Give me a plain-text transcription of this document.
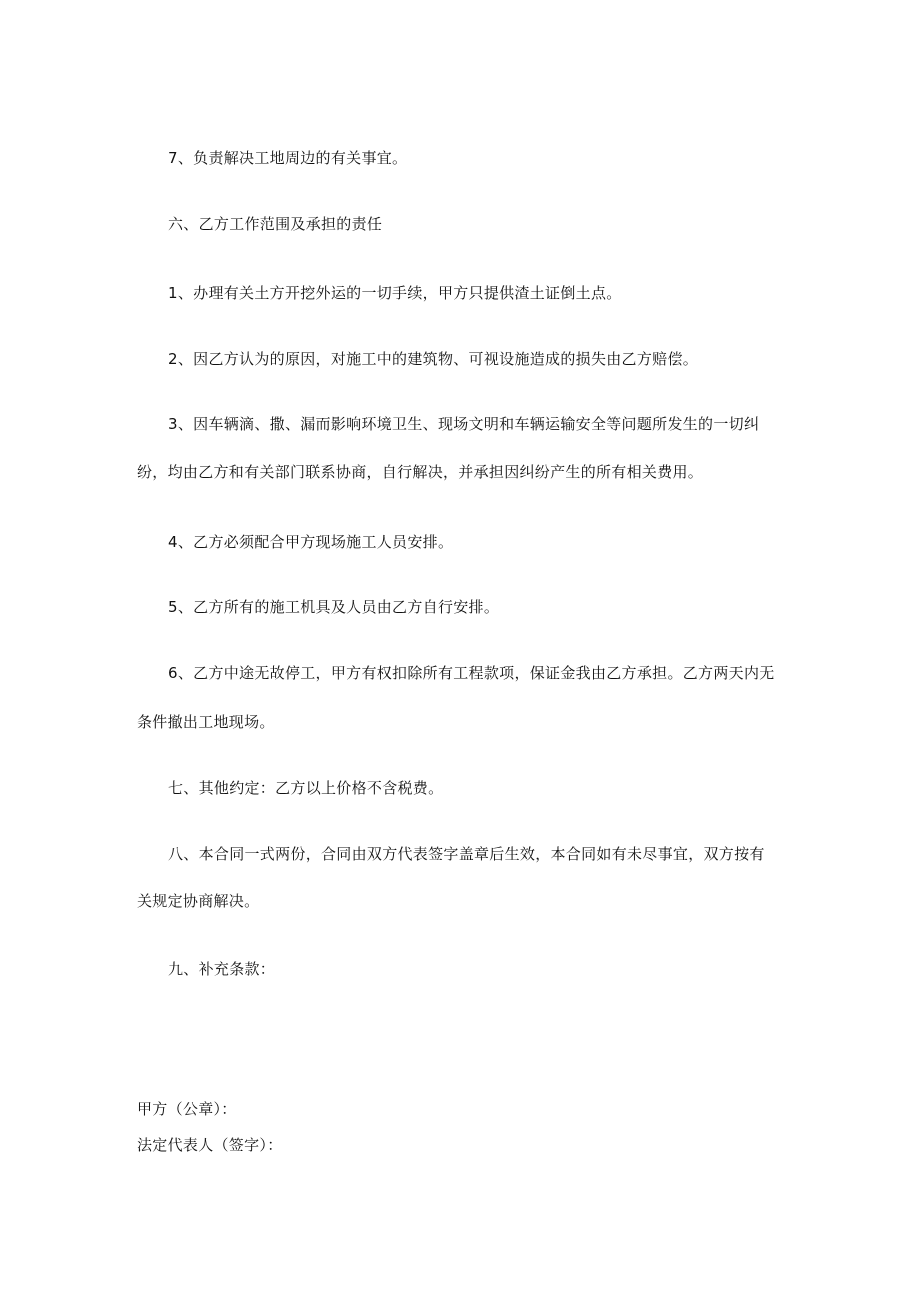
7、负责解决工地周边的有关事宜。
六、乙方工作范围及承担的责任
1、办理有关土方开挖外运的一切手续，甲方只提供渣土证倒土点。
2、因乙方认为的原因，对施工中的建筑物、可视设施造成的损失由乙方赔偿。
3、因车辆滴、撒、漏而影响环境卫生、现场文明和车辆运输安全等问题所发生的一切纠
纷，均由乙方和有关部门联系协商，自行解决，并承担因纠纷产生的所有相关费用。
4、乙方必须配合甲方现场施工人员安排。
5、乙方所有的施工机具及人员由乙方自行安排。
6、乙方中途无故停工，甲方有权扣除所有工程款项，保证金我由乙方承担。乙方两天内无
条件撤出工地现场。
七、其他约定：乙方以上价格不含税费。
八、本合同一式两份，合同由双方代表签字盖章后生效，本合同如有未尽事宜，双方按有
关规定协商解决。
九、补充条款：
甲方（公章）：
法定代表人（签字）：
